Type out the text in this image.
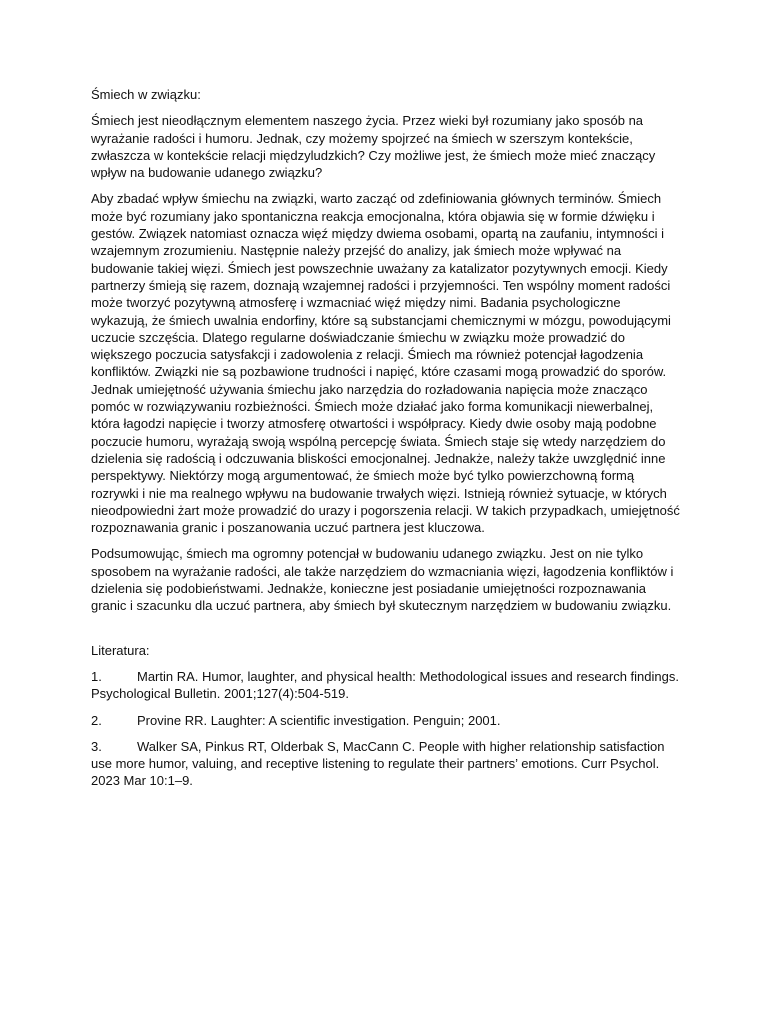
Śmiech w związku:

Śmiech jest nieodłącznym elementem naszego życia. Przez wieki był rozumiany jako sposób na wyrażanie radości i humoru. Jednak, czy możemy spojrzeć na śmiech w szerszym kontekście, zwłaszcza w kontekście relacji międzyludzkich? Czy możliwe jest, że śmiech może mieć znaczący wpływ na budowanie udanego związku?

Aby zbadać wpływ śmiechu na związki, warto zacząć od zdefiniowania głównych terminów. Śmiech może być rozumiany jako spontaniczna reakcja emocjonalna, która objawia się w formie dźwięku i gestów. Związek natomiast oznacza więź między dwiema osobami, opartą na zaufaniu, intymności i wzajemnym zrozumieniu. Następnie należy przejść do analizy, jak śmiech może wpływać na budowanie takiej więzi. Śmiech jest powszechnie uważany za katalizator pozytywnych emocji. Kiedy partnerzy śmieją się razem, doznają wzajemnej radości i przyjemności. Ten wspólny moment radości może tworzyć pozytywną atmosferę i wzmacniać więź między nimi. Badania psychologiczne wykazują, że śmiech uwalnia endorfiny, które są substancjami chemicznymi w mózgu, powodującymi uczucie szczęścia. Dlatego regularne doświadczanie śmiechu w związku może prowadzić do większego poczucia satysfakcji i zadowolenia z relacji. Śmiech ma również potencjał łagodzenia konfliktów. Związki nie są pozbawione trudności i napięć, które czasami mogą prowadzić do sporów. Jednak umiejętność używania śmiechu jako narzędzia do rozładowania napięcia może znacząco pomóc w rozwiązywaniu rozbieżności. Śmiech może działać jako forma komunikacji niewerbalnej, która łagodzi napięcie i tworzy atmosferę otwartości i współpracy. Kiedy dwie osoby mają podobne poczucie humoru, wyrażają swoją wspólną percepcję świata. Śmiech staje się wtedy narzędziem do dzielenia się radością i odczuwania bliskości emocjonalnej. Jednakże, należy także uwzględnić inne perspektywy. Niektórzy mogą argumentować, że śmiech może być tylko powierzchowną formą rozrywki i nie ma realnego wpływu na budowanie trwałych więzi. Istnieją również sytuacje, w których nieodpowiedni żart może prowadzić do urazy i pogorszenia relacji. W takich przypadkach, umiejętność rozpoznawania granic i poszanowania uczuć partnera jest kluczowa.

Podsumowując, śmiech ma ogromny potencjał w budowaniu udanego związku. Jest on nie tylko sposobem na wyrażanie radości, ale także narzędziem do wzmacniania więzi, łagodzenia konfliktów i dzielenia się podobieństwami. Jednakże, konieczne jest posiadanie umiejętności rozpoznawania granic i szacunku dla uczuć partnera, aby śmiech był skutecznym narzędziem w budowaniu związku.

Literatura:

1.	Martin RA. Humor, laughter, and physical health: Methodological issues and research findings. Psychological Bulletin. 2001;127(4):504-519.

2.	Provine RR. Laughter: A scientific investigation. Penguin; 2001.

3.	Walker SA, Pinkus RT, Olderbak S, MacCann C. People with higher relationship satisfaction use more humor, valuing, and receptive listening to regulate their partners’ emotions. Curr Psychol. 2023 Mar 10:1–9.
